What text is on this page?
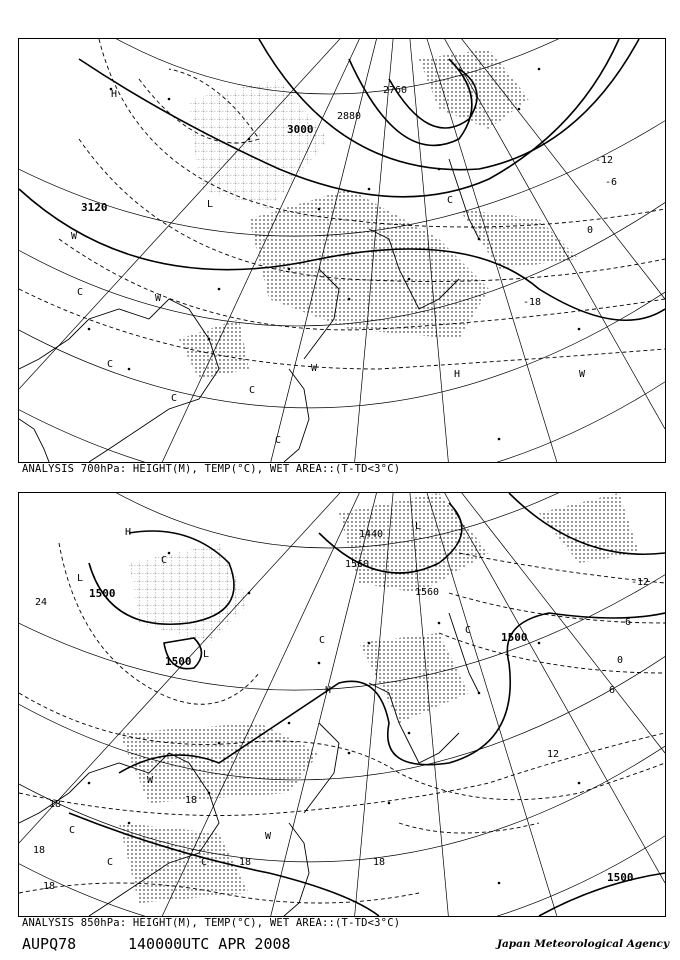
3120
3000
2760
2880
-12
-6
0
-18
H
L	C
W
W
C
C
C
C
W
H	W
C
ANALYSIS 700hPa: HEIGHT(M), TEMP(°C), WET AREA::(T-TD<3°C)
1500
1560
1500
1500
1500
1440
1560
24
18
18
18
18	18
12
6
0
-6
-12
18
H
L
C
L
H
W
C
C
W
C
L
C
C
ANALYSIS 850hPa: HEIGHT(M), TEMP(°C), WET AREA::(T-TD<3°C)
AUPQ78	140000UTC APR 2008	Japan Meteorological Agency
